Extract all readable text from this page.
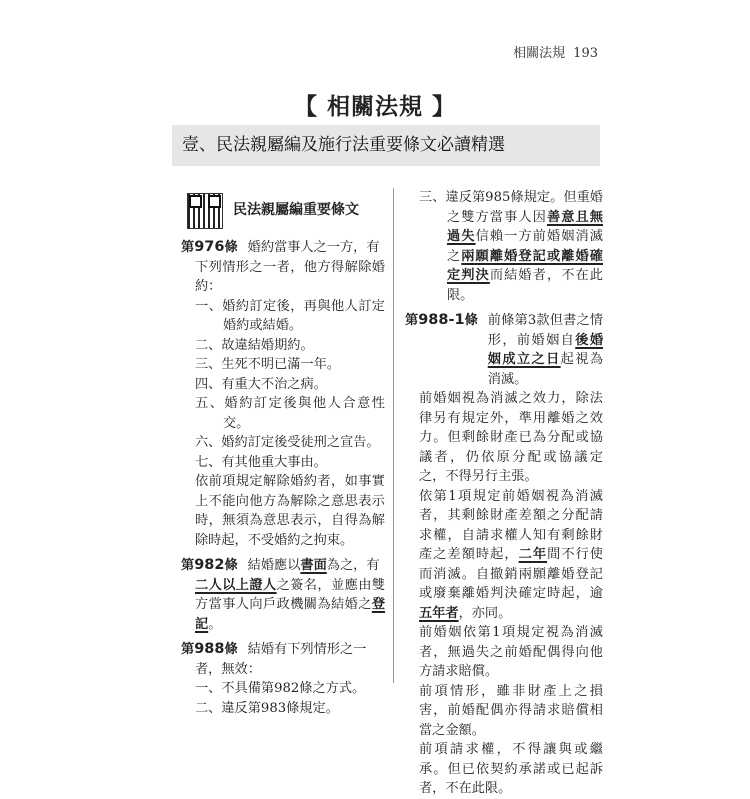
相關法規 193
【 相關法規 】
壹、民法親屬編及施行法重要條文必讀精選
民法親屬編重要條文
第976條 婚約當事人之一方，有
下列情形之一者，他方得解除婚約：
一、婚約訂定後，再與他人訂定婚約或結婚。
二、故違結婚期約。
三、生死不明已滿一年。
四、有重大不治之病。
五、婚約訂定後與他人合意性交。
六、婚約訂定後受徒刑之宣告。
七、有其他重大事由。
依前項規定解除婚約者，如事實上不能向他方為解除之意思表示時，無須為意思表示，自得為解除時起，不受婚約之拘束。
第982條 結婚應以書面為之，有
二人以上證人之簽名，並應由雙方當事人向戶政機關為結婚之登記。
第988條 結婚有下列情形之一
者，無效：
一、不具備第982條之方式。
二、違反第983條規定。
三、違反第985條規定。但重婚之雙方當事人因善意且無過失信賴一方前婚姻消滅之兩願離婚登記或離婚確定判決而結婚者，不在此限。
第988-1條 前條第3款但書之情形，前婚姻自後婚姻成立之日起視為消滅。
前婚姻視為消滅之效力，除法律另有規定外，準用離婚之效力。但剩餘財產已為分配或協議者，仍依原分配或協議定之，不得另行主張。
依第1項規定前婚姻視為消滅者，其剩餘財產差額之分配請求權，自請求權人知有剩餘財產之差額時起，二年間不行使而消滅。自撤銷兩願離婚登記或廢棄離婚判決確定時起，逾五年者，亦同。
前婚姻依第1項規定視為消滅者，無過失之前婚配偶得向他方請求賠償。
前項情形，雖非財產上之損害，前婚配偶亦得請求賠償相當之金額。
前項請求權，不得讓與或繼承。但已依契約承諾或已起訴者，不在此限。
